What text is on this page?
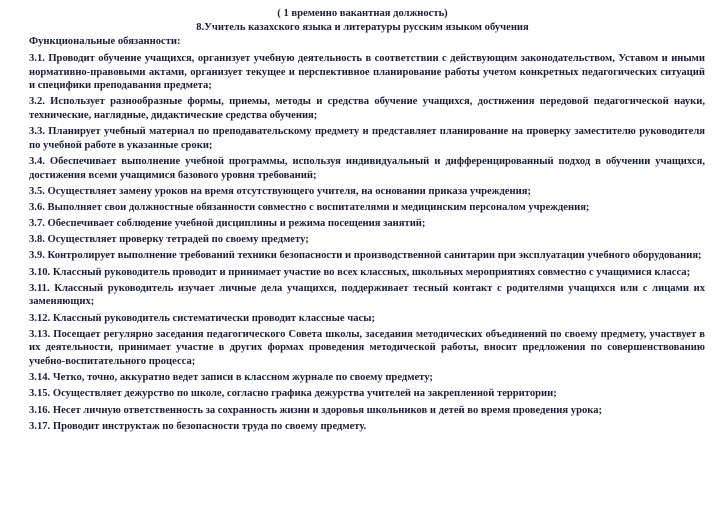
( 1 временно вакантная должность)
8.Учитель казахского языка и литературы русским языком обучения
Функциональные обязанности:
3.1. Проводит обучение учащихся, организует учебную деятельность в соответствии с действующим законодательством, Уставом и иными нормативно-правовыми актами, организует текущее и перспективное планирование работы учетом конкретных педагогических ситуаций и специфики преподавания предмета;
3.2. Использует разнообразные формы, приемы, методы и средства обучение учащихся, достижения передовой педагогической науки, технические, наглядные, дидактические средства обучения;
3.3. Планирует учебный материал по преподавательскому предмету и представляет планирование на проверку заместителю руководителя по учебной работе в указанные сроки;
3.4. Обеспечивает выполнение учебной программы, используя индивидуальный и дифференцированный подход в обучении учащихся, достижения всеми учащимися базового уровня требований;
3.5. Осуществляет замену уроков на время отсутствующего учителя, на основании приказа учреждения;
3.6. Выполняет свои должностные обязанности совместно с воспитателями и медицинским персоналом учреждения;
3.7. Обеспечивает соблюдение учебной дисциплины и режима посещения занятий;
3.8. Осуществляет проверку тетрадей по своему предмету;
3.9. Контролирует выполнение требований техники безопасности и производственной санитарии при эксплуатации учебного оборудования;
3.10. Классный руководитель проводит и принимает участие во всех классных, школьных мероприятиях совместно с учащимися класса;
3.11. Классный руководитель изучает личные дела учащихся, поддерживает тесный контакт с родителями учащихся или с лицами их заменяющих;
3.12. Классный руководитель систематически проводит классные часы;
3.13. Посещает регулярно заседания педагогического Совета школы, заседания методических объединений по своему предмету, участвует в их деятельности, принимает участие в других формах проведения методической работы, вносит предложения по совершенствованию учебно-воспитательного процесса;
3.14. Четко, точно, аккуратно ведет записи в классном журнале по своему предмету;
3.15. Осуществляет дежурство по школе, согласно графика дежурства учителей на закрепленной территории;
3.16. Несет личную ответственность за сохранность жизни и здоровья школьников и детей во время проведения урока;
3.17. Проводит инструктаж по безопасности труда по своему предмету.
